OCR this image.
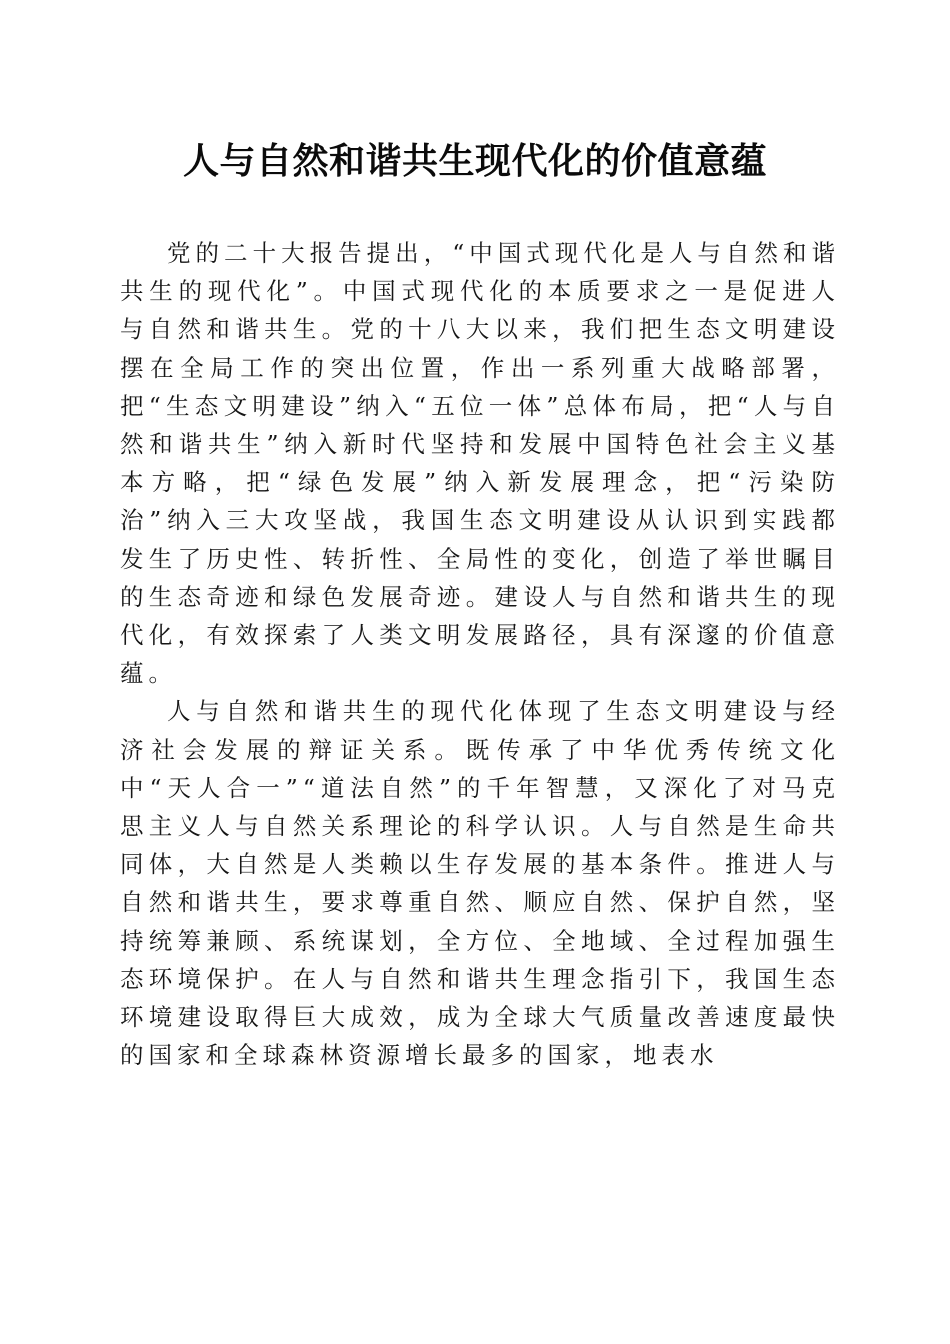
人与自然和谐共生现代化的价值意蕴

党的二十大报告提出，“中国式现代化是人与自然和谐共生的现代化”。中国式现代化的本质要求之一是促进人与自然和谐共生。党的十八大以来，我们把生态文明建设摆在全局工作的突出位置，作出一系列重大战略部署，把“生态文明建设”纳入“五位一体”总体布局，把“人与自然和谐共生”纳入新时代坚持和发展中国特色社会主义基本方略，把“绿色发展”纳入新发展理念，把“污染防治”纳入三大攻坚战，我国生态文明建设从认识到实践都发生了历史性、转折性、全局性的变化，创造了举世瞩目的生态奇迹和绿色发展奇迹。建设人与自然和谐共生的现代化，有效探索了人类文明发展路径，具有深邃的价值意蕴。

人与自然和谐共生的现代化体现了生态文明建设与经济社会发展的辩证关系。既传承了中华优秀传统文化中“天人合一”“道法自然”的千年智慧，又深化了对马克思主义人与自然关系理论的科学认识。人与自然是生命共同体，大自然是人类赖以生存发展的基本条件。推进人与自然和谐共生，要求尊重自然、顺应自然、保护自然，坚持统筹兼顾、系统谋划，全方位、全地域、全过程加强生态环境保护。在人与自然和谐共生理念指引下，我国生态环境建设取得巨大成效，成为全球大气质量改善速度最快的国家和全球森林资源增长最多的国家，地表水
